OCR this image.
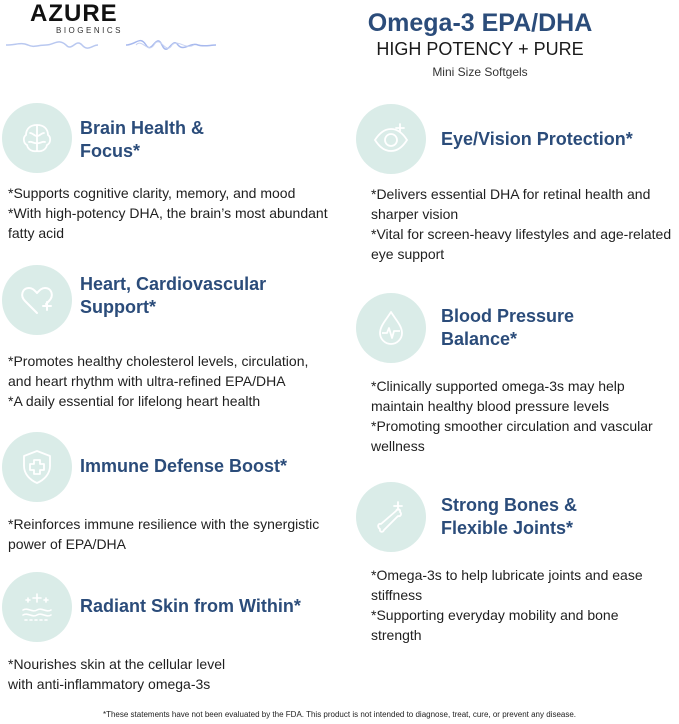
AZURE
BIOGENICS	Omega-3 EPA/DHA
HIGH POTENCY + PURE
Mini Size Softgels
Brain Health &
Focus*
*Supports cognitive clarity, memory, and mood
*With high-potency DHA, the brain’s most abundant
fatty acid
Heart, Cardiovascular
Support*
*Promotes healthy cholesterol levels, circulation,
and heart rhythm with ultra-refined EPA/DHA
*A daily essential for lifelong heart health
Immune Defense Boost*
*Reinforces immune resilience with the synergistic
power of EPA/DHA
Radiant Skin from Within*
*Nourishes skin at the cellular level
with anti-inflammatory omega-3s
Eye/Vision Protection*
*Delivers essential DHA for retinal health and
sharper vision
*Vital for screen-heavy lifestyles and age-related
eye support
Blood Pressure
Balance*
*Clinically supported omega-3s may help
maintain healthy blood pressure levels
*Promoting smoother circulation and vascular
wellness
Strong Bones &
Flexible Joints*
*Omega-3s to help lubricate joints and ease
stiffness
*Supporting everyday mobility and bone
strength
*These statements have not been evaluated by the FDA. This product is not intended to diagnose, treat, cure, or prevent any disease.
